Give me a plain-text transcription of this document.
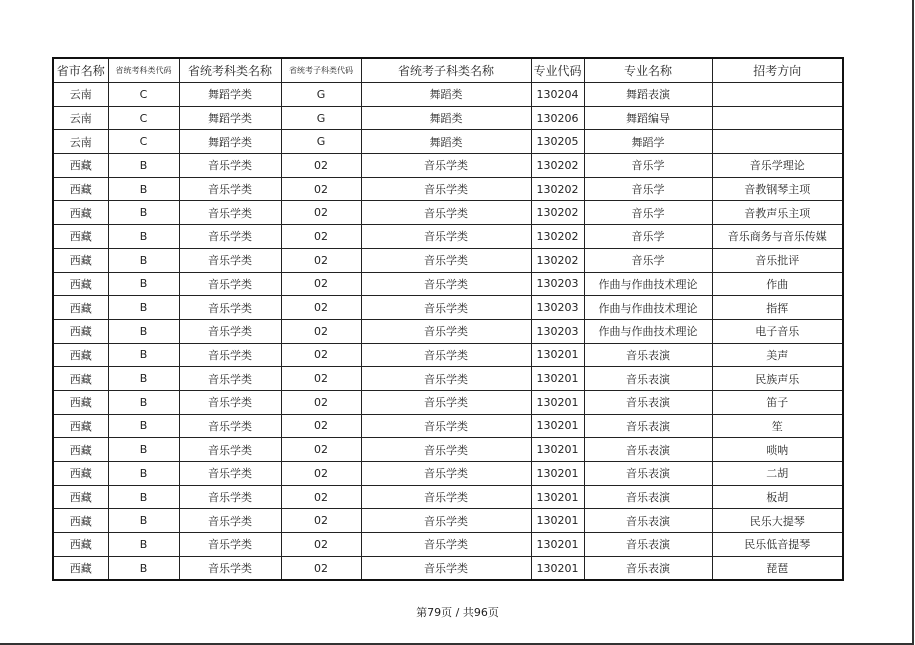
省市名称	省统考科类代码	省统考科类名称	省统考子科类代码	省统考子科类名称	专业代码	专业名称	招考方向
云南	C	舞蹈学类	G	舞蹈类	130204	舞蹈表演	
云南	C	舞蹈学类	G	舞蹈类	130206	舞蹈编导	
云南	C	舞蹈学类	G	舞蹈类	130205	舞蹈学	
西藏	B	音乐学类	02	音乐学类	130202	音乐学	音乐学理论
西藏	B	音乐学类	02	音乐学类	130202	音乐学	音教钢琴主项
西藏	B	音乐学类	02	音乐学类	130202	音乐学	音教声乐主项
西藏	B	音乐学类	02	音乐学类	130202	音乐学	音乐商务与音乐传媒
西藏	B	音乐学类	02	音乐学类	130202	音乐学	音乐批评
西藏	B	音乐学类	02	音乐学类	130203	作曲与作曲技术理论	作曲
西藏	B	音乐学类	02	音乐学类	130203	作曲与作曲技术理论	指挥
西藏	B	音乐学类	02	音乐学类	130203	作曲与作曲技术理论	电子音乐
西藏	B	音乐学类	02	音乐学类	130201	音乐表演	美声
西藏	B	音乐学类	02	音乐学类	130201	音乐表演	民族声乐
西藏	B	音乐学类	02	音乐学类	130201	音乐表演	笛子
西藏	B	音乐学类	02	音乐学类	130201	音乐表演	笙
西藏	B	音乐学类	02	音乐学类	130201	音乐表演	唢呐
西藏	B	音乐学类	02	音乐学类	130201	音乐表演	二胡
西藏	B	音乐学类	02	音乐学类	130201	音乐表演	板胡
西藏	B	音乐学类	02	音乐学类	130201	音乐表演	民乐大提琴
西藏	B	音乐学类	02	音乐学类	130201	音乐表演	民乐低音提琴
西藏	B	音乐学类	02	音乐学类	130201	音乐表演	琵琶
第79页 / 共96页
